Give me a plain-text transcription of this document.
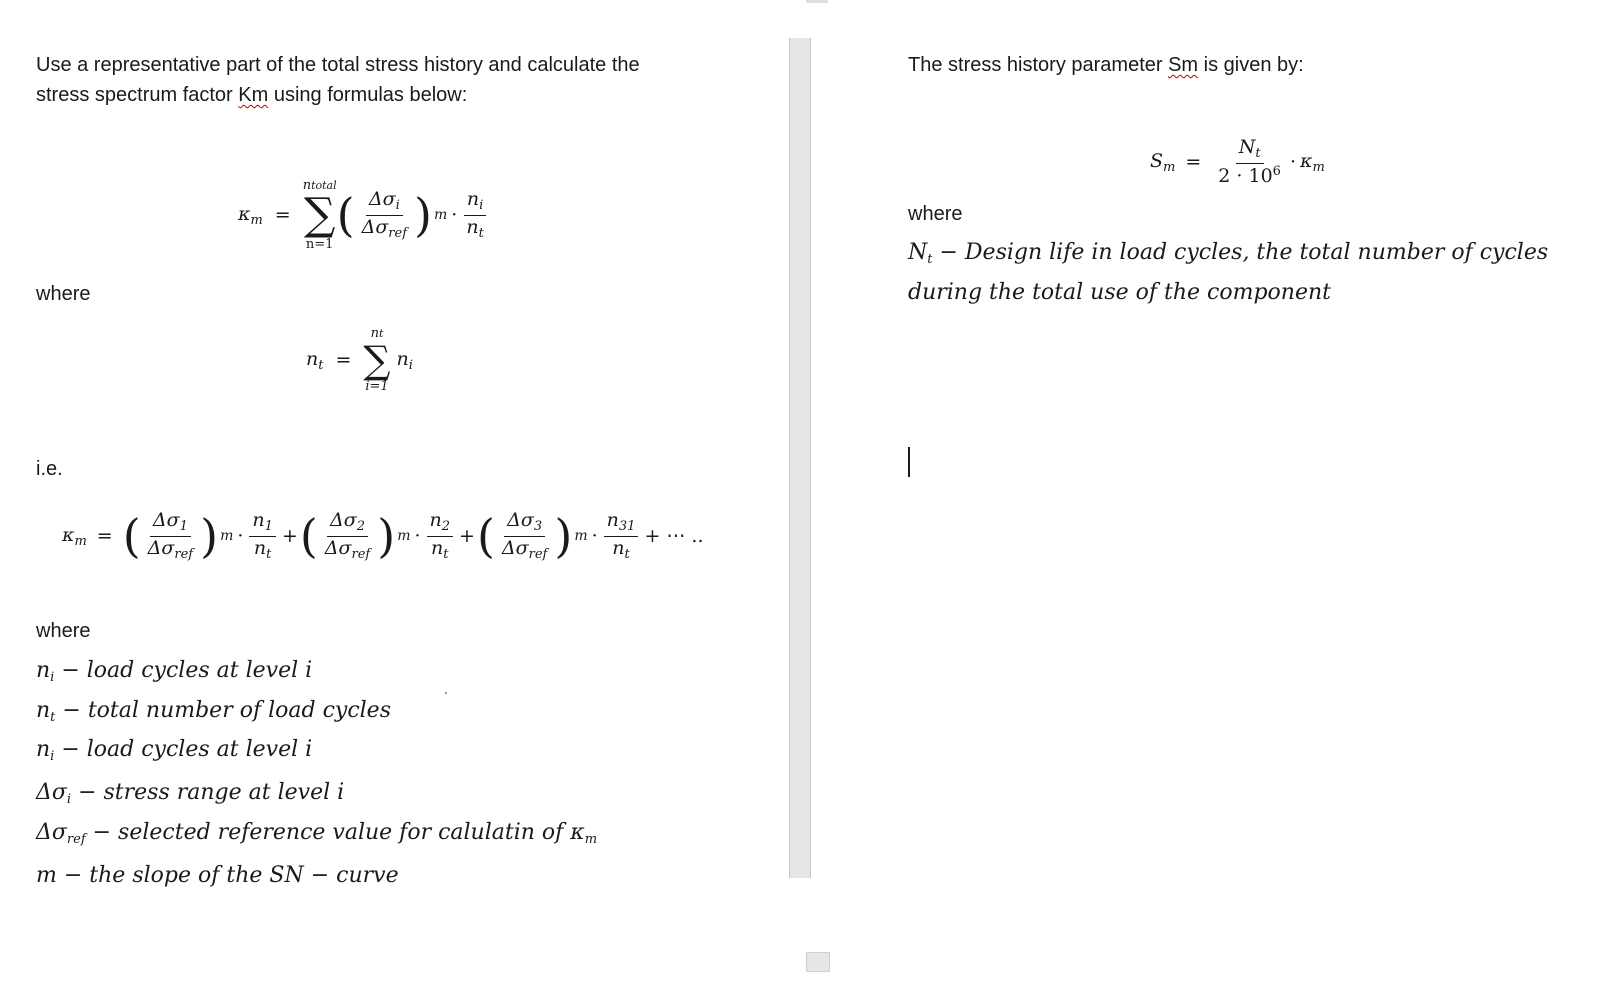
Use a representative part of the total stress history and calculate the
stress spectrum factor Km using formulas below:
$\kappa_m$ =
ntotal
∑
n=1
( $\frac{\Delta\sigma_i}{\Delta\sigma_{ref}}$ ) $m \cdot \frac{n_i}{n_t}$
where
$n_t$ =
nt
∑
i=1
$n_i$
i.e.
$\kappa_m$ = ( $\frac{\Delta\sigma_1}{\Delta\sigma_{ref}}$ ) $m \cdot \frac{n_1}{n_t}$ + ( $\frac{\Delta\sigma_2}{\Delta\sigma_{ref}}$ ) $m \cdot \frac{n_2}{n_t}$ + ( $\frac{\Delta\sigma_3}{\Delta\sigma_{ref}}$ ) $m \cdot \frac{n_{31}}{n_t}$ + ⋯ ..
where
$n_i$ − load cycles at level i
$n_t$ − total number of load cycles
$n_i$ − load cycles at level i
$\Delta\sigma_i$ − stress range at level i
$\Delta\sigma_{ref}$ − selected reference value for calulatin of $\kappa_m$
m − the slope of the SN − curve
The stress history parameter Sm is given by:
$S_m = \frac{N_t}{2 \cdot 10^6} \cdot \kappa_m$
where
$N_t$ − Design life in load cycles, the total number of cycles
during the total use of the component
